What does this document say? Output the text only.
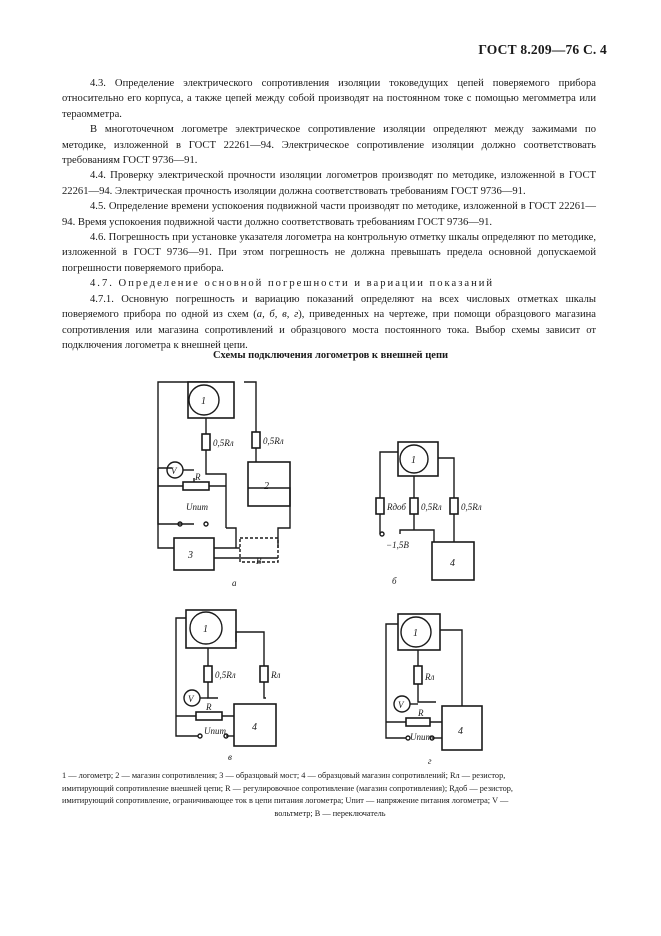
ГОСТ 8.209—76 С. 4

4.3. Определение электрического сопротивления изоляции токоведущих цепей поверяемого прибора относительно его корпуса, а также цепей между собой производят на постоянном токе с помощью мегомметра или тераомметра.

В многоточечном логометре электрическое сопротивление изоляции определяют между зажимами по методике, изложенной в ГОСТ 22261—94. Электрическое сопротивление изоляции должно соответствовать требованиям ГОСТ 9736—91.

4.4. Проверку электрической прочности изоляции логометров производят по методике, изложенной в ГОСТ 22261—94. Электрическая прочность изоляции должна соответствовать требованиям ГОСТ 9736—91.

4.5. Определение времени успокоения подвижной части производят по методике, изложенной в ГОСТ 22261—94. Время успокоения подвижной части должно соответствовать требованиям ГОСТ 9736—91.

4.6. Погрешность при установке указателя логометра на контрольную отметку шкалы определяют по методике, изложенной в ГОСТ 9736—91. При этом погрешность не должна превышать предела основной допускаемой погрешности поверяемого прибора.

4.7. Определение основной погрешности и вариации показаний

4.7.1. Основную погрешность и вариацию показаний определяют на всех числовых отметках шкалы поверяемого прибора по одной из схем (а, б, в, г), приведенных на чертеже, при помощи образцового магазина сопротивления или магазина сопротивлений и образцового моста постоянного тока. Выбор схемы зависит от подключения логометра к внешней цепи.

Схемы подключения логометров к внешней цепи
1
0,5Rл	0,5Rл
V
R
2
Uпит
3	В
а
1
Rдоб
−1,5В
0,5Rл 0,5Rл
4
б
1
0,5Rл	Rл
V
R
4
Uпит
в
1
Rл
V
R
4
Uпит
г
1 — логометр; 2 — магазин сопротивления; 3 — образцовый мост; 4 — образцовый магазин сопротивлений; Rл — резистор,
имитирующий сопротивление внешней цепи; R — регулировочное сопротивление (магазин сопротивления); Rдоб — резистор,
имитирующий сопротивление, ограничивающее ток в цепи питания логометра; Uпит — напряжение питания логометра; V —
вольтметр; В — переключатель
